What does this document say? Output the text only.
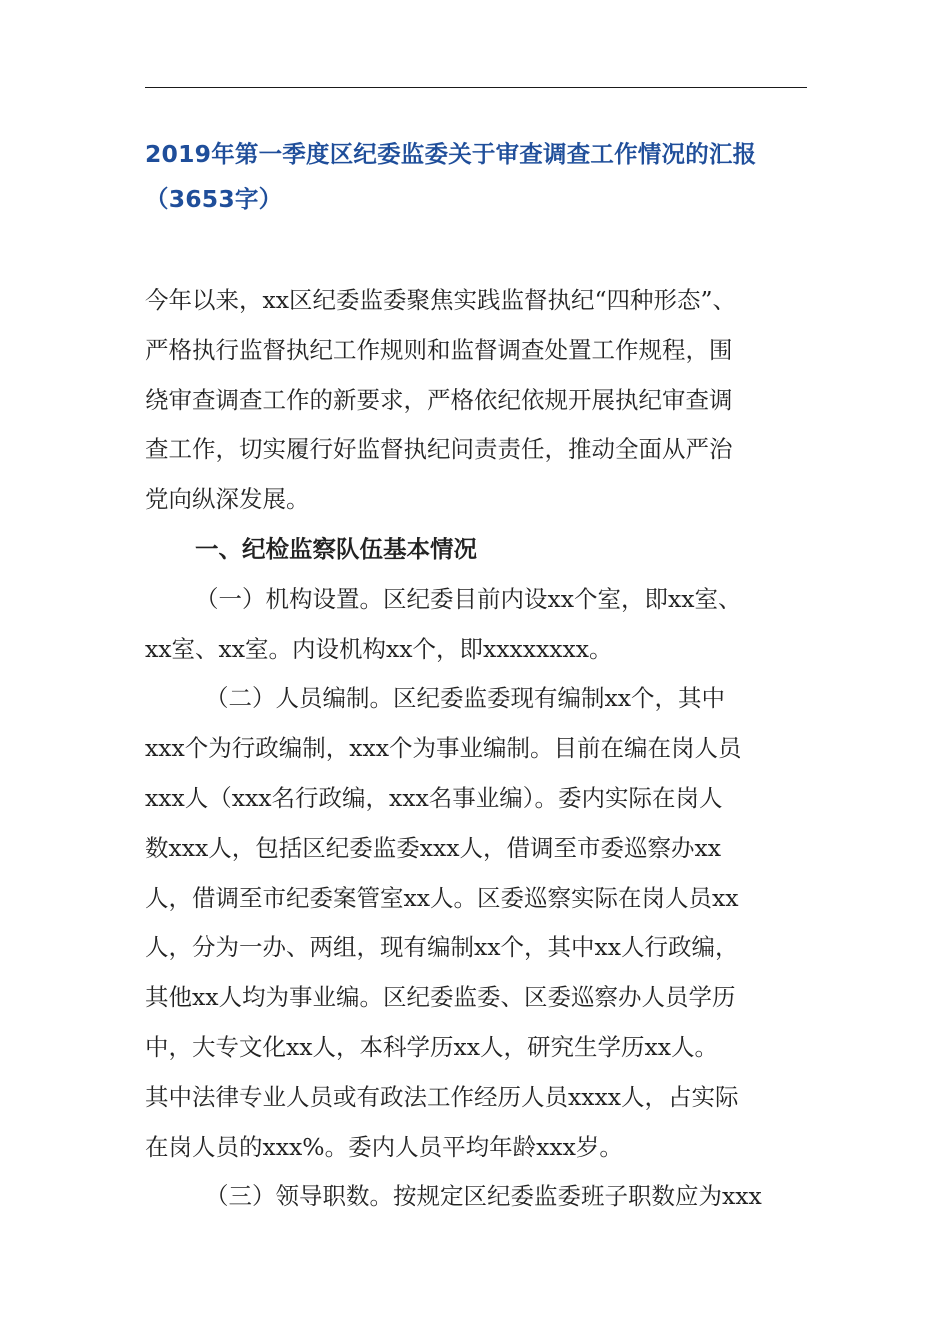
2019年第一季度区纪委监委关于审查调查工作情况的汇报
（3653字）
今年以来，xx区纪委监委聚焦实践监督执纪“四种形态”、
严格执行监督执纪工作规则和监督调查处置工作规程，围
绕审查调查工作的新要求，严格依纪依规开展执纪审查调
查工作，切实履行好监督执纪问责责任，推动全面从严治
党向纵深发展。
一、纪检监察队伍基本情况
（一）机构设置。区纪委目前内设xx个室，即xx室、
xx室、xx室。内设机构xx个，即xxxxxxxx。
（二）人员编制。区纪委监委现有编制xx个，其中
xxx个为行政编制，xxx个为事业编制。目前在编在岗人员
xxx人（xxx名行政编，xxx名事业编）。委内实际在岗人
数xxx人，包括区纪委监委xxx人，借调至市委巡察办xx
人，借调至市纪委案管室xx人。区委巡察实际在岗人员xx
人，分为一办、两组，现有编制xx个，其中xx人行政编，
其他xx人均为事业编。区纪委监委、区委巡察办人员学历
中，大专文化xx人，本科学历xx人，研究生学历xx人。
其中法律专业人员或有政法工作经历人员xxxx人，占实际
在岗人员的xxx%。委内人员平均年龄xxx岁。
（三）领导职数。按规定区纪委监委班子职数应为xxx
